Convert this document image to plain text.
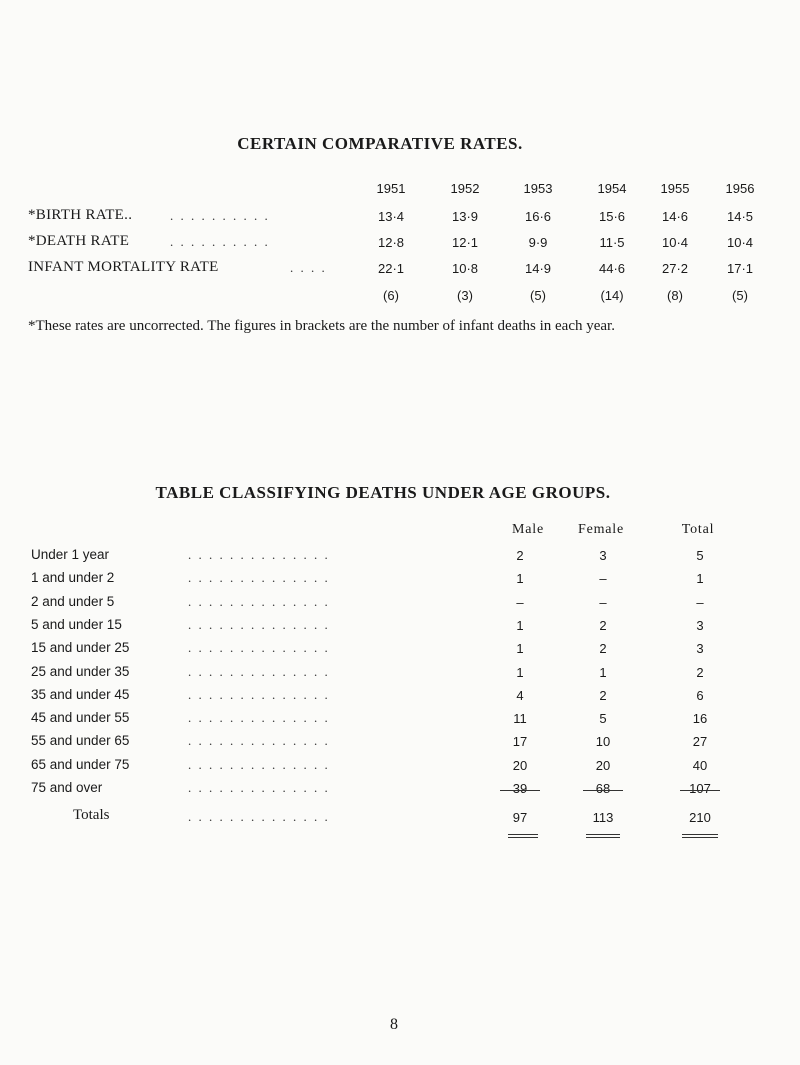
CERTAIN COMPARATIVE RATES.
1951	1952	1953	1954	1955	1956
*BIRTH RATE..	. . . . . . . . . .	13·4	13·9	16·6	15·6	14·6	14·5
*DEATH RATE	. . . . . . . . . .	12·8	12·1	9·9	11·5	10·4	10·4
INFANT MORTALITY RATE	. . . .	22·1	10·8	14·9	44·6	27·2	17·1
(6)	(3)	(5)	(14)	(8)	(5)
*These rates are uncorrected. The figures in brackets are the number of infant deaths in each year.
TABLE CLASSIFYING DEATHS UNDER AGE GROUPS.
Male	Female	Total
Under 1 year	. . . . . . . . . . . . . .	2	3	5
1 and under 2	. . . . . . . . . . . . . .	1	–	1
2 and under 5	. . . . . . . . . . . . . .	–	–	–
5 and under 15	. . . . . . . . . . . . . .	1	2	3
15 and under 25	. . . . . . . . . . . . . .	1	2	3
25 and under 35	. . . . . . . . . . . . . .	1	1	2
35 and under 45	. . . . . . . . . . . . . .	4	2	6
45 and under 55	. . . . . . . . . . . . . .	11	5	16
55 and under 65	. . . . . . . . . . . . . .	17	10	27
65 and under 75	. . . . . . . . . . . . . .	20	20	40
75 and over	. . . . . . . . . . . . . .	39	68	107
Totals	. . . . . . . . . . . . . .	97	113	210
8
